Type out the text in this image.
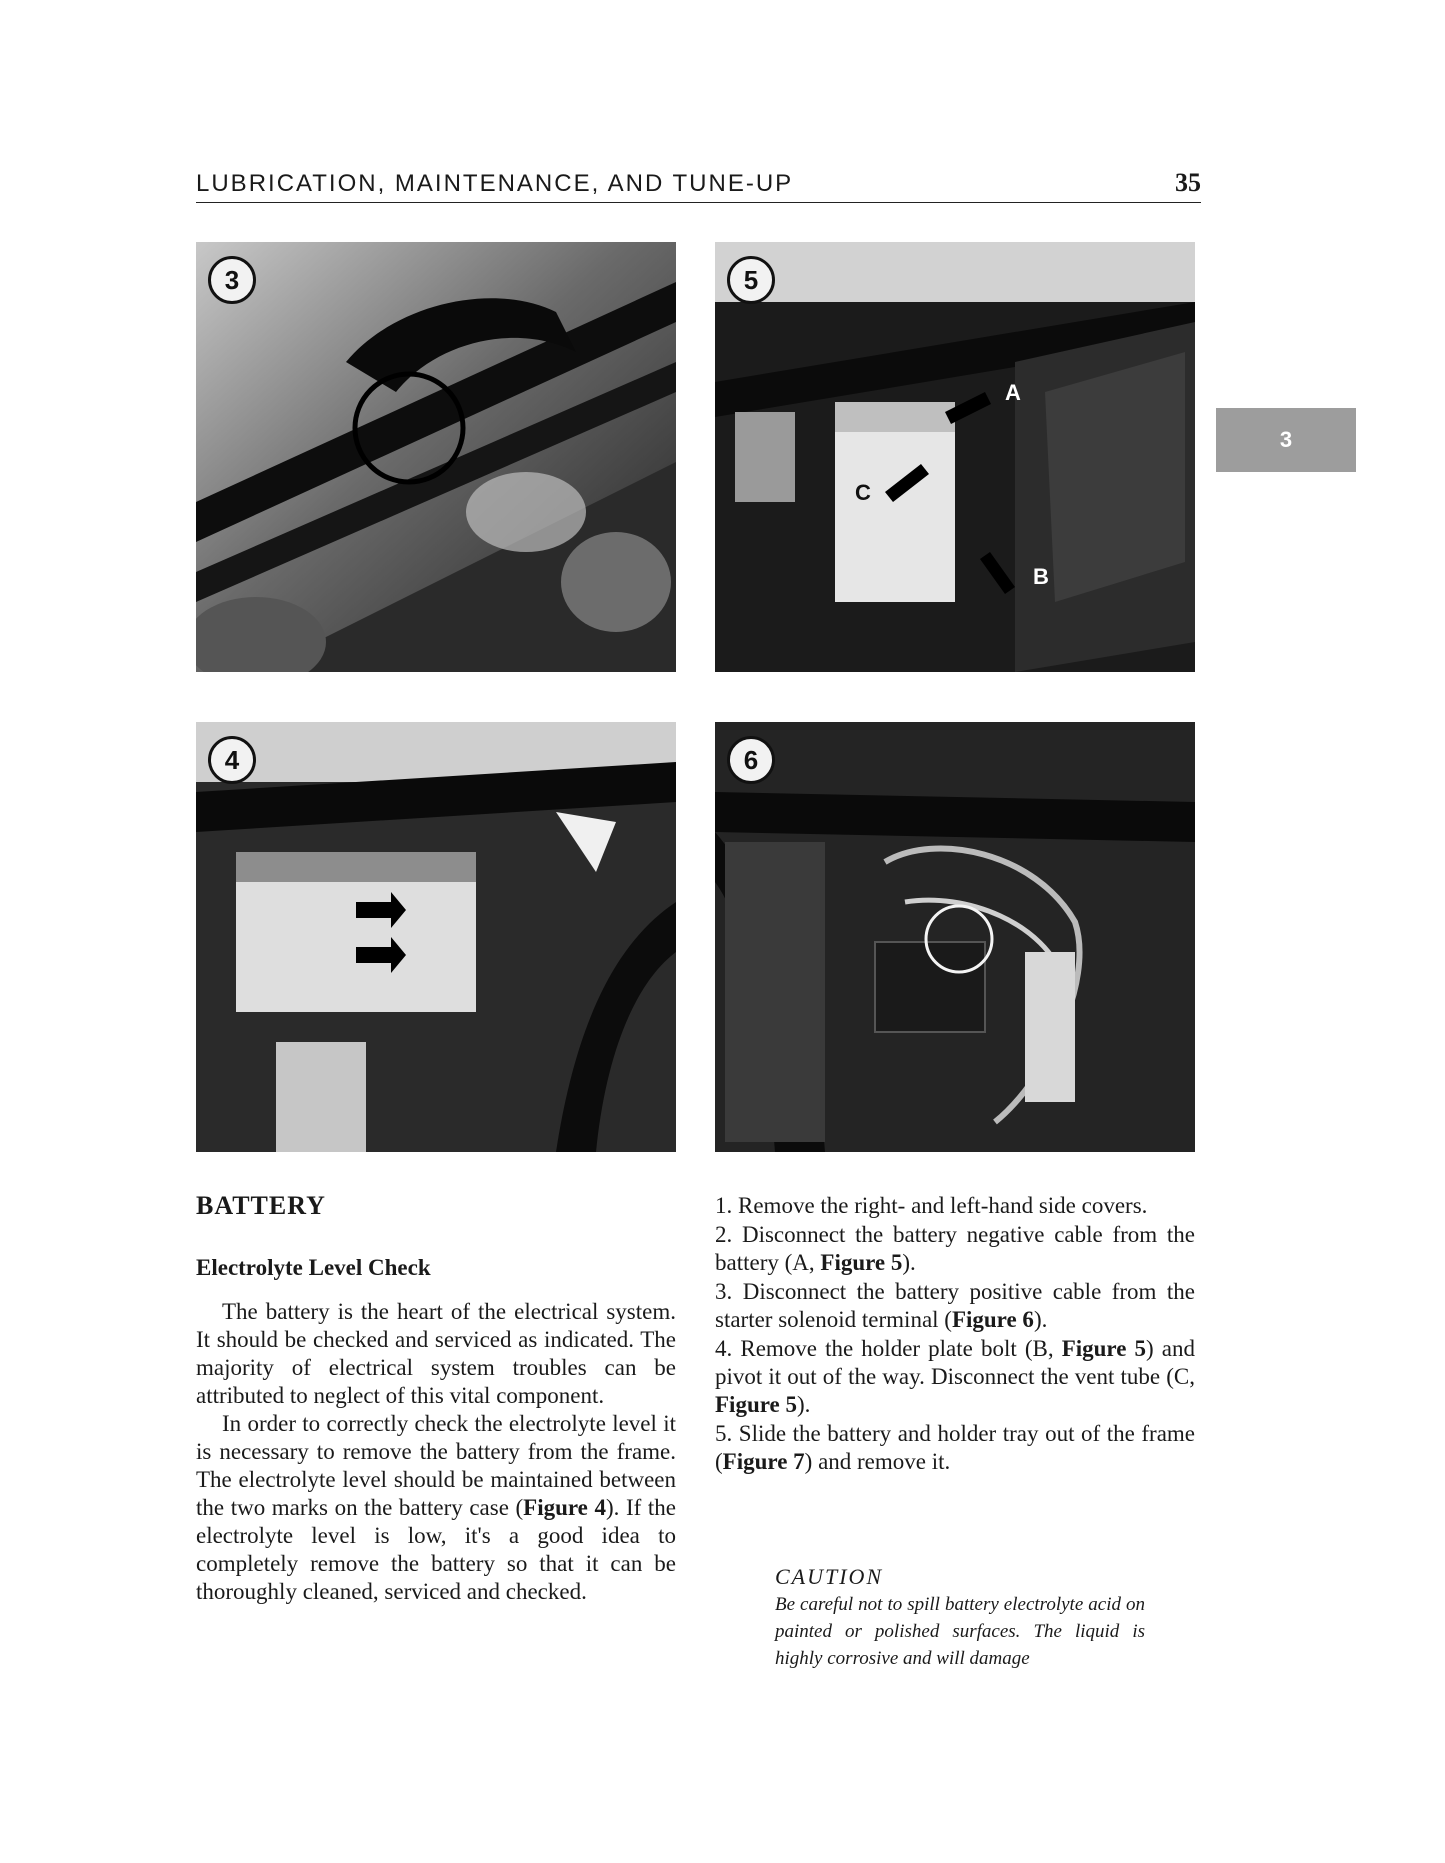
LUBRICATION, MAINTENANCE, AND TUNE-UP	35
3
3	5
A
C
B
4	6

BATTERY

Electrolyte Level Check

The battery is the heart of the electrical system. It should be checked and serviced as indicated. The majority of electrical system troubles can be attributed to neglect of this vital component.

In order to correctly check the electrolyte level it is necessary to remove the battery from the frame. The electrolyte level should be maintained between the two marks on the battery case (Figure 4). If the electrolyte level is low, it's a good idea to completely remove the battery so that it can be thoroughly cleaned, serviced and checked.

1. Remove the right- and left-hand side covers.

2. Disconnect the battery negative cable from the battery (A, Figure 5).

3. Disconnect the battery positive cable from the starter solenoid terminal (Figure 6).

4. Remove the holder plate bolt (B, Figure 5) and pivot it out of the way. Disconnect the vent tube (C, Figure 5).

5. Slide the battery and holder tray out of the frame (Figure 7) and remove it.

CAUTION

Be careful not to spill battery electrolyte acid on painted or polished surfaces. The liquid is highly corrosive and will damage
